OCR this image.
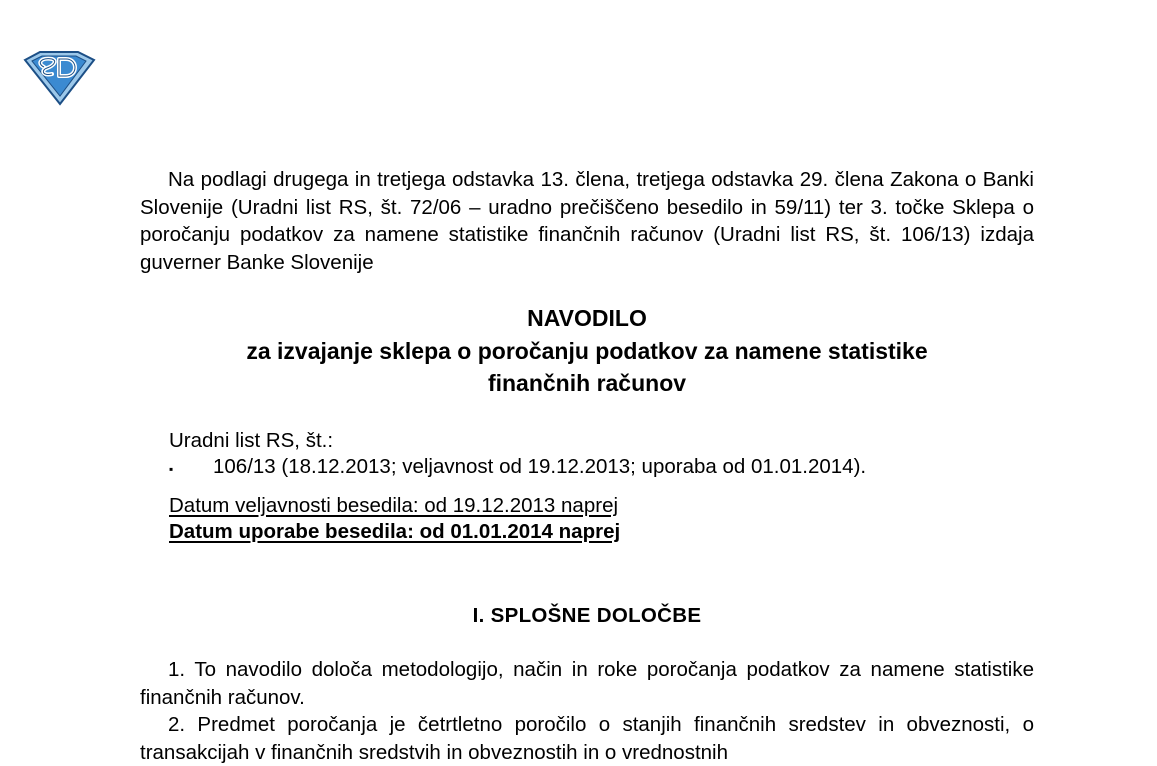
Na podlagi drugega in tretjega odstavka 13. člena, tretjega odstavka 29. člena Zakona o Banki Slovenije (Uradni list RS, št. 72/06 – uradno prečiščeno besedilo in 59/11) ter 3. točke Sklepa o poročanju podatkov za namene statistike finančnih računov (Uradni list RS, št. 106/13) izdaja guverner Banke Slovenije

NAVODILO
za izvajanje sklepa o poročanju podatkov za namene statistike
finančnih računov
Uradni list RS, št.:
▪	106/13 (18.12.2013; veljavnost od 19.12.2013; uporaba od 01.01.2014).
Datum veljavnosti besedila: od 19.12.2013 naprej
Datum uporabe besedila: od 01.01.2014 naprej
I. SPLOŠNE DOLOČBE

1. To navodilo določa metodologijo, način in roke poročanja podatkov za namene statistike finančnih računov.

2. Predmet poročanja je četrtletno poročilo o stanjih finančnih sredstev in obveznosti, o transakcijah v finančnih sredstvih in obveznostih in o vrednostnih
